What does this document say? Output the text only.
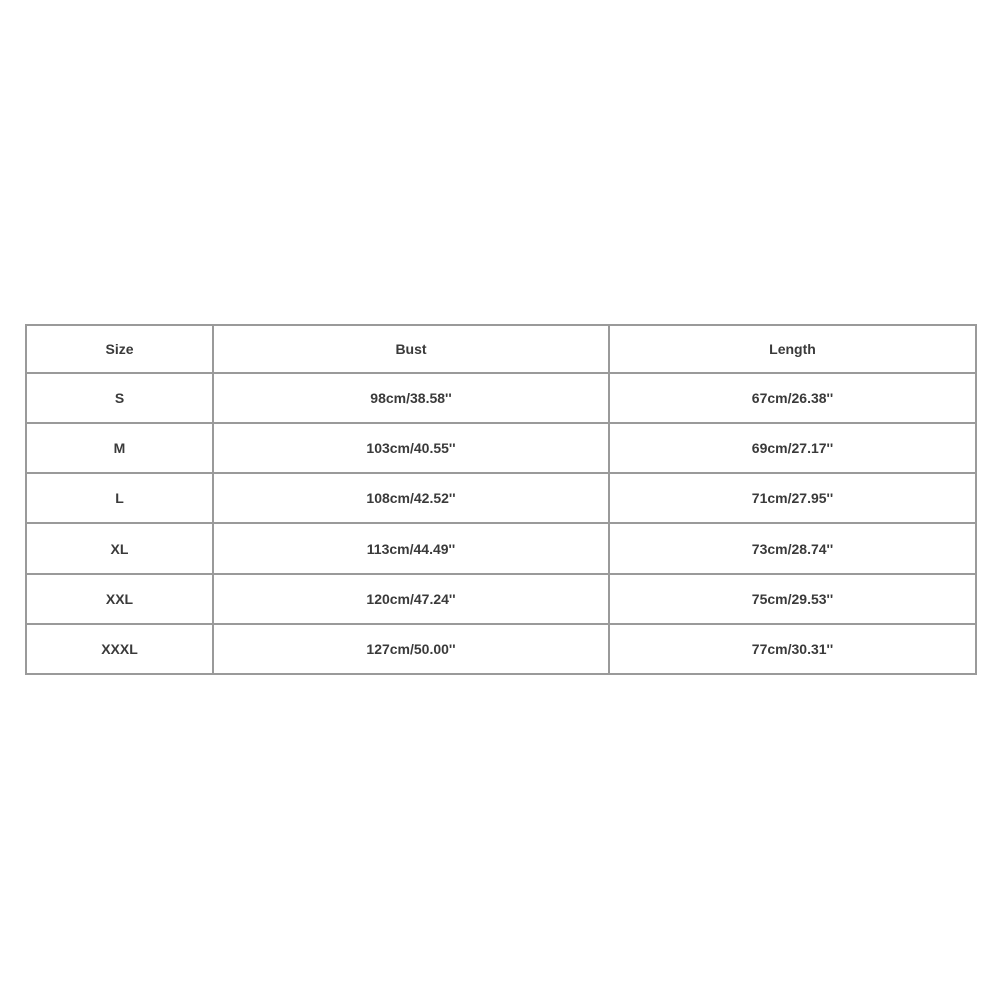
Size	Bust	Length
S	98cm/38.58''	67cm/26.38''
M	103cm/40.55''	69cm/27.17''
L	108cm/42.52''	71cm/27.95''
XL	113cm/44.49''	73cm/28.74''
XXL	120cm/47.24''	75cm/29.53''
XXXL	127cm/50.00''	77cm/30.31''
